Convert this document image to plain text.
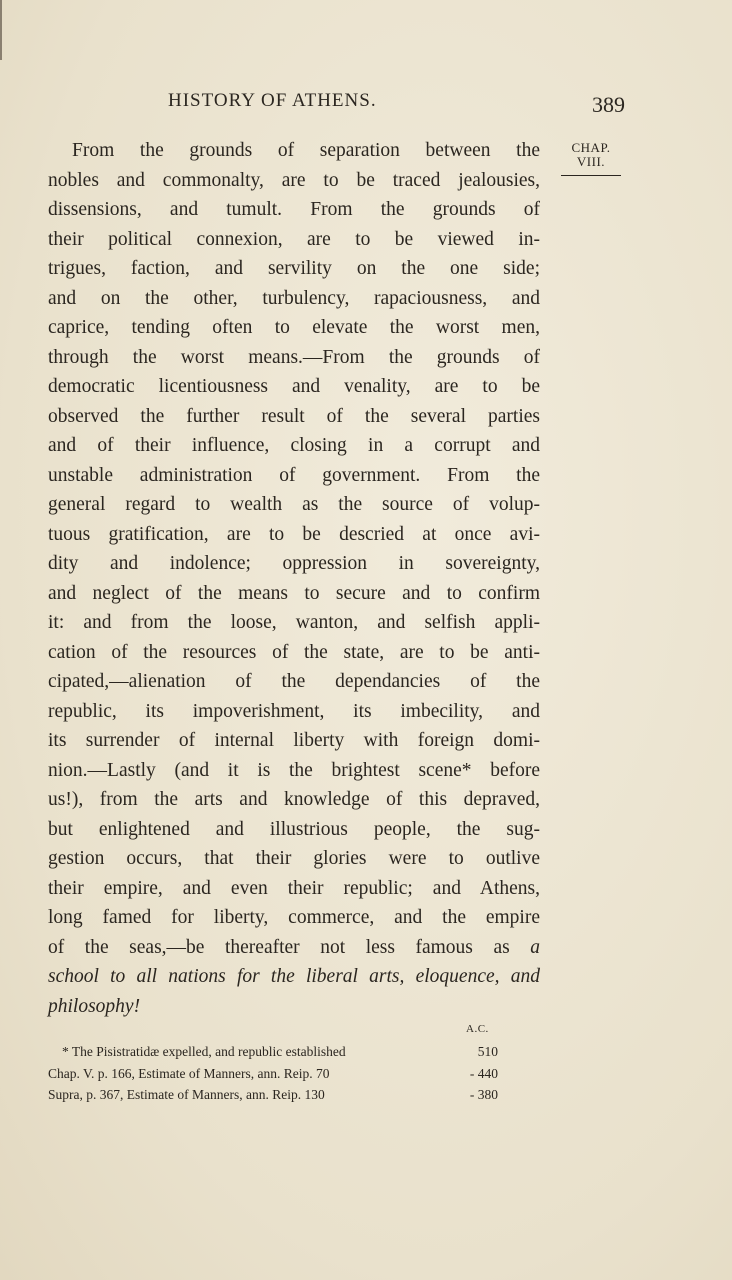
HISTORY OF ATHENS.	389
CHAP.
VIII.
From the grounds of separation between the
nobles and commonalty, are to be traced jealousies,
dissensions, and tumult. From the grounds of
their political connexion, are to be viewed in-
trigues, faction, and servility on the one side;
and on the other, turbulency, rapaciousness, and
caprice, tending often to elevate the worst men,
through the worst means.—From the grounds of
democratic licentiousness and venality, are to be
observed the further result of the several parties
and of their influence, closing in a corrupt and
unstable administration of government. From the
general regard to wealth as the source of volup-
tuous gratification, are to be descried at once avi-
dity and indolence; oppression in sovereignty,
and neglect of the means to secure and to confirm
it: and from the loose, wanton, and selfish appli-
cation of the resources of the state, are to be anti-
cipated,—alienation of the dependancies of the
republic, its impoverishment, its imbecility, and
its surrender of internal liberty with foreign domi-
nion.—Lastly (and it is the brightest scene* before
us!), from the arts and knowledge of this depraved,
but enlightened and illustrious people, the sug-
gestion occurs, that their glories were to outlive
their empire, and even their republic; and Athens,
long famed for liberty, commerce, and the empire
of the seas,—be thereafter not less famous as a
school to all nations for the liberal arts, eloquence, and
philosophy!
A.C.
* The Pisistratidæ expelled, and republic established	510
Chap. V. p. 166, Estimate of Manners, ann. Reip. 70	- 440
Supra, p. 367, Estimate of Manners, ann. Reip. 130	- 380
